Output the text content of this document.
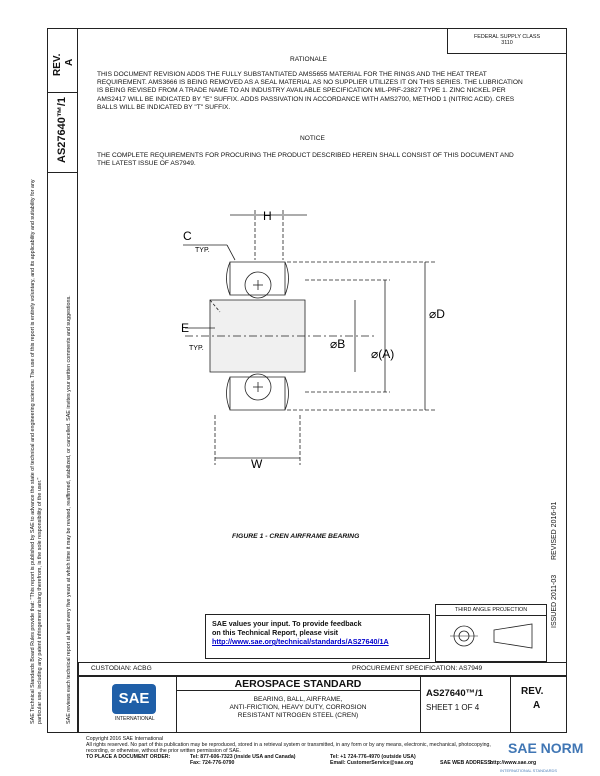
REV. A
AS27640™/1
SAE Technical Standards Board Rules provide that: "This report is published by SAE to advance the state of technical and engineering sciences. The use of this report is entirely voluntary, and its applicability and suitability for any particular use, including any patent infringement arising therefrom, is the sole responsibility of the user."	SAE reviews each technical report at least every five years at which time it may be revised, reaffirmed, stabilized, or cancelled. SAE invites your written comments and suggestions.
FEDERAL SUPPLY CLASS
3110
RATIONALE
THIS DOCUMENT REVISION ADDS THE FULLY SUBSTANTIATED AMS5655 MATERIAL FOR THE RINGS AND THE HEAT TREAT REQUIREMENT. AMS3666 IS BEING REMOVED AS A SEAL MATERIAL AS NO SUPPLIER UTILIZES IT ON THIS SERIES. THE LUBRICATION IS BEING REVISED FROM A TRADE NAME TO AN INDUSTRY AVAILABLE SPECIFICATION MIL-PRF-23827 TYPE 1. ZINC NICKEL PER AMS2417 WILL BE INDICATED BY "E" SUFFIX. ADDS PASSIVATION IN ACCORDANCE WITH AMS2700, METHOD 1 (NITRIC ACID). CRES BALLS WILL BE INDICATED BY "T" SUFFIX.
NOTICE
THE COMPLETE REQUIREMENTS FOR PROCURING THE PRODUCT DESCRIBED HEREIN SHALL CONSIST OF THIS DOCUMENT AND THE LATEST ISSUE OF AS7949.
H
C
TYP.
E
TYP.
⌀D
⌀B
⌀(A)
W
FIGURE 1 - CREN AIRFRAME BEARING
ISSUED 2011-03
REVISED 2016-01
SAE values your input. To provide feedback
on this Technical Report, please visit
http://www.sae.org/technical/standards/AS27640/1A
THIRD ANGLE PROJECTION
CUSTODIAN: ACBG	PROCUREMENT SPECIFICATION: AS7949
SAE
INTERNATIONAL
AEROSPACE STANDARD
BEARING, BALL, AIRFRAME,
ANTI-FRICTION, HEAVY DUTY, CORROSION
RESISTANT NITROGEN STEEL (CREN)
AS27640™/1
SHEET 1 OF 4
REV.
A
Copyright 2016 SAE International
All rights reserved. No part of this publication may be reproduced, stored in a retrieval system or transmitted, in any form or by any means, electronic, mechanical, photocopying,
recording, or otherwise, without the prior written permission of SAE.
TO PLACE A DOCUMENT ORDER:	Tel: 877-606-7323 (inside USA and Canada)	Tel: +1 724-776-4970 (outside USA)
Fax: 724-776-0790	Email: CustomerService@sae.org	SAE WEB ADDRESS:
http://www.sae.org
SAE NORM
INTERNATIONAL STANDARDS
